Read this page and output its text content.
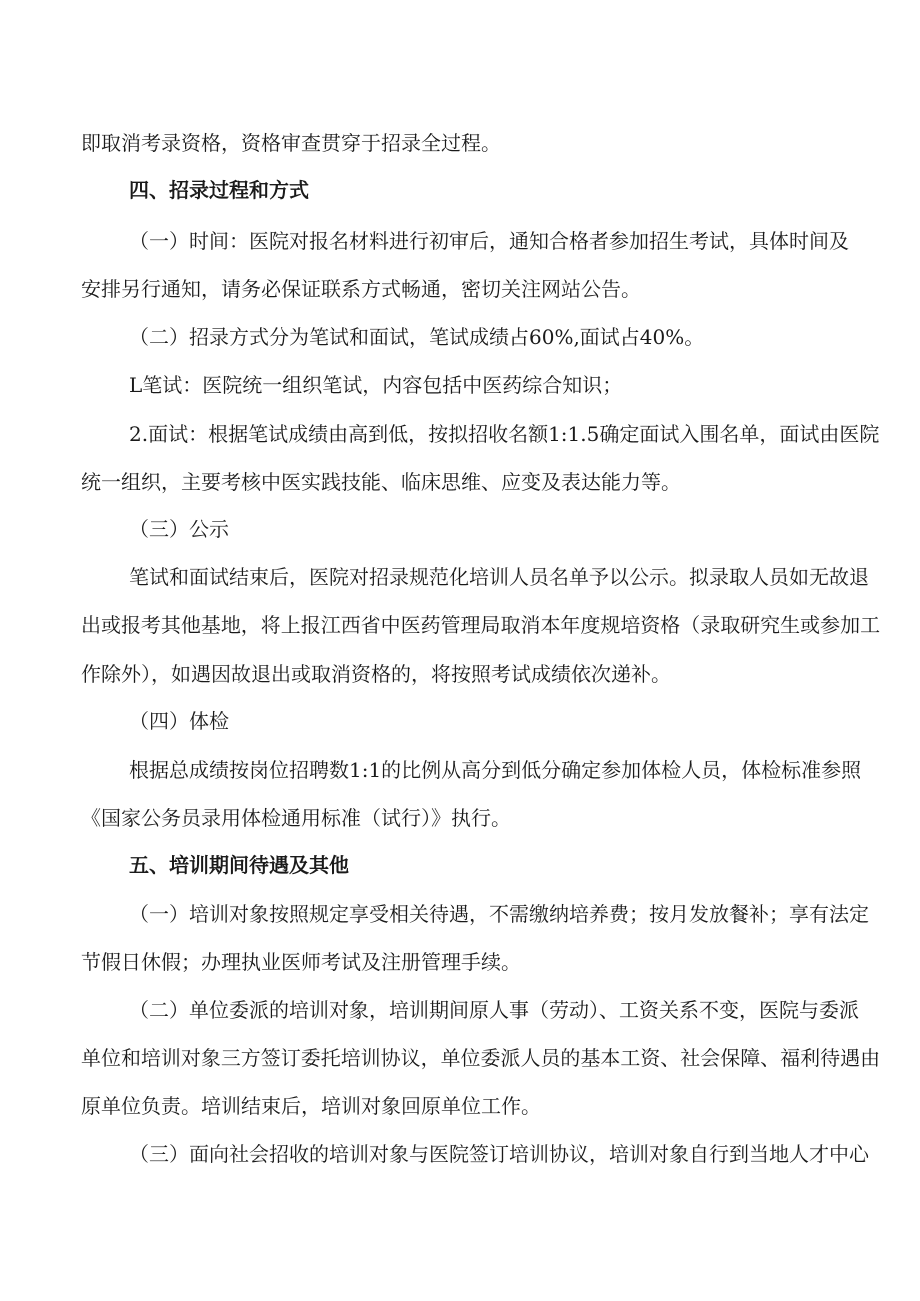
即取消考录资格，资格审查贯穿于招录全过程。
四、招录过程和方式
（一）时间：医院对报名材料进行初审后，通知合格者参加招生考试，具体时间及
安排另行通知，请务必保证联系方式畅通，密切关注网站公告。
（二）招录方式分为笔试和面试，笔试成绩占60%,面试占40%。
L笔试：医院统一组织笔试，内容包括中医药综合知识；
2.面试：根据笔试成绩由高到低，按拟招收名额1:1.5确定面试入围名单，面试由医院
统一组织，主要考核中医实践技能、临床思维、应变及表达能力等。
（三）公示
笔试和面试结束后，医院对招录规范化培训人员名单予以公示。拟录取人员如无故退
出或报考其他基地，将上报江西省中医药管理局取消本年度规培资格（录取研究生或参加工
作除外），如遇因故退出或取消资格的，将按照考试成绩依次递补。
（四）体检
根据总成绩按岗位招聘数1:1的比例从高分到低分确定参加体检人员，体检标准参照
《国家公务员录用体检通用标准（试行）》执行。
五、培训期间待遇及其他
（一）培训对象按照规定享受相关待遇，不需缴纳培养费；按月发放餐补；享有法定
节假日休假；办理执业医师考试及注册管理手续。
（二）单位委派的培训对象，培训期间原人事（劳动）、工资关系不变，医院与委派
单位和培训对象三方签订委托培训协议，单位委派人员的基本工资、社会保障、福利待遇由
原单位负责。培训结束后，培训对象回原单位工作。
（三）面向社会招收的培训对象与医院签订培训协议，培训对象自行到当地人才中心
